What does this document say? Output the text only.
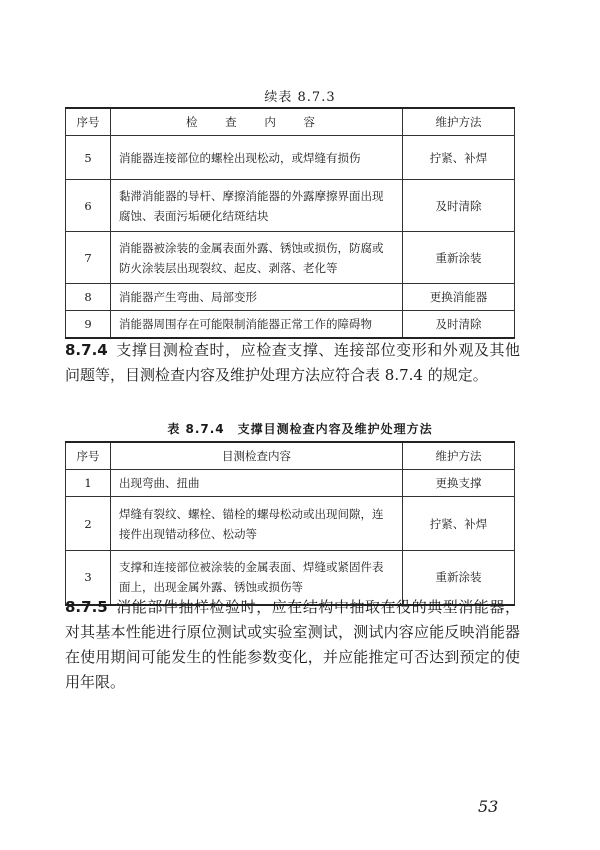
续表 8.7.3
序号	检 查 内 容	维护方法
5	消能器连接部位的螺栓出现松动，或焊缝有损伤	拧紧、补焊
6	黏滞消能器的导杆、摩擦消能器的外露摩擦界面出现腐蚀、表面污垢硬化结斑结块	及时清除
7	消能器被涂装的金属表面外露、锈蚀或损伤，防腐或防火涂装层出现裂纹、起皮、剥落、老化等	重新涂装
8	消能器产生弯曲、局部变形	更换消能器
9	消能器周围存在可能限制消能器正常工作的障碍物	及时清除
8.7.4 支撑目测检查时，应检查支撑、连接部位变形和外观及其他问题等，目测检查内容及维护处理方法应符合表 8.7.4 的规定。
表 8.7.4　支撑目测检查内容及维护处理方法
序号	目测检查内容	维护方法
1	出现弯曲、扭曲	更换支撑
2	焊缝有裂纹、螺栓、锚栓的螺母松动或出现间隙，连接件出现错动移位、松动等	拧紧、补焊
3	支撑和连接部位被涂装的金属表面、焊缝或紧固件表面上，出现金属外露、锈蚀或损伤等	重新涂装
8.7.5 消能部件抽样检验时，应在结构中抽取在役的典型消能器，对其基本性能进行原位测试或实验室测试，测试内容应能反映消能器在使用期间可能发生的性能参数变化，并应能推定可否达到预定的使用年限。
53
